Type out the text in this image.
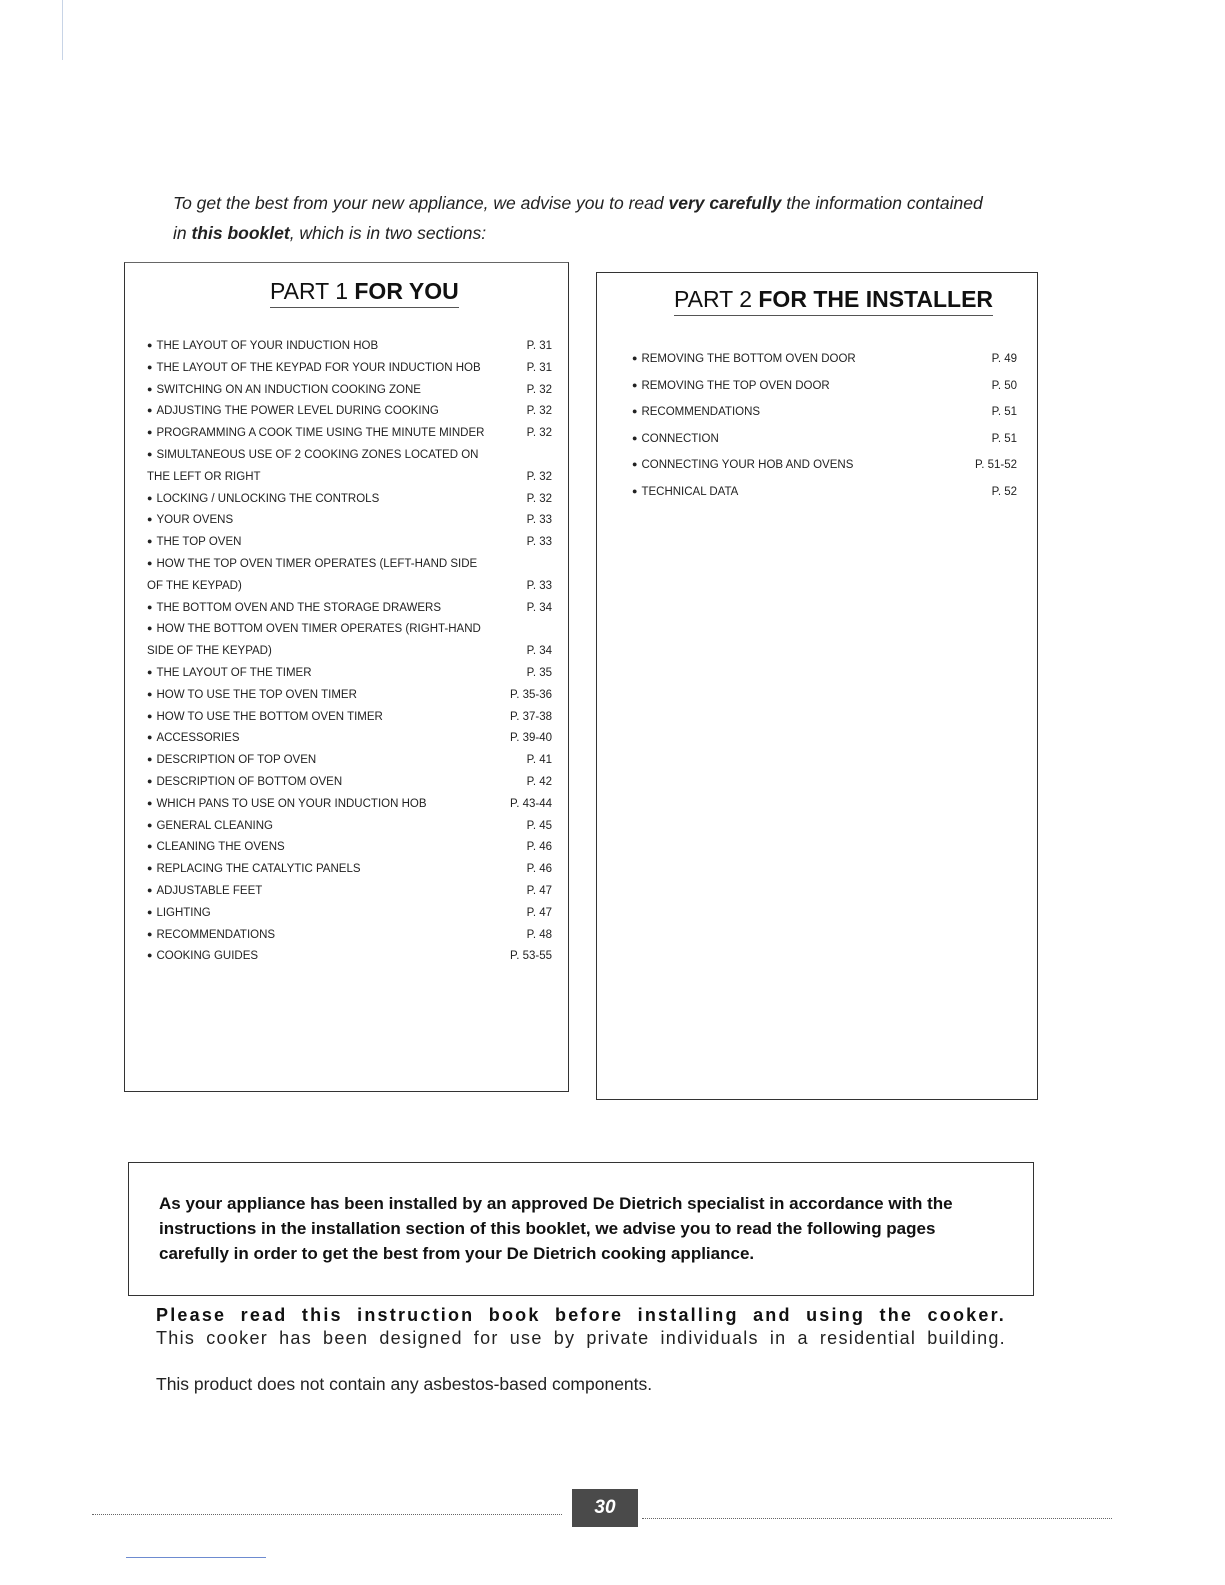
To get the best from your new appliance, we advise you to read very carefully the information contained in this booklet, which is in two sections:

PART 1 FOR YOU
● THE LAYOUT OF YOUR INDUCTION HOB	P. 31
● THE LAYOUT OF THE KEYPAD FOR YOUR INDUCTION HOB	P. 31
● SWITCHING ON AN INDUCTION COOKING ZONE	P. 32
● ADJUSTING THE POWER LEVEL DURING COOKING	P. 32
● PROGRAMMING A COOK TIME USING THE MINUTE MINDER	P. 32
● SIMULTANEOUS USE OF 2 COOKING ZONES LOCATED ON THE LEFT OR RIGHT	P. 32
● LOCKING / UNLOCKING THE CONTROLS	P. 32
● YOUR OVENS	P. 33
● THE TOP OVEN	P. 33
● HOW THE TOP OVEN TIMER OPERATES (LEFT-HAND SIDE OF THE KEYPAD)	P. 33
● THE BOTTOM OVEN AND THE STORAGE DRAWERS	P. 34
● HOW THE BOTTOM OVEN TIMER OPERATES (RIGHT-HAND SIDE OF THE KEYPAD)	P. 34
● THE LAYOUT OF THE TIMER	P. 35
● HOW TO USE THE TOP OVEN TIMER	P. 35-36
● HOW TO USE THE BOTTOM OVEN TIMER	P. 37-38
● ACCESSORIES	P. 39-40
● DESCRIPTION OF TOP OVEN	P. 41
● DESCRIPTION OF BOTTOM OVEN	P. 42
● WHICH PANS TO USE ON YOUR INDUCTION HOB	P. 43-44
● GENERAL CLEANING	P. 45
● CLEANING THE OVENS	P. 46
● REPLACING THE CATALYTIC PANELS	P. 46
● ADJUSTABLE FEET	P. 47
● LIGHTING	P. 47
● RECOMMENDATIONS	P. 48
● COOKING GUIDES	P. 53-55
PART 2 FOR THE INSTALLER
● REMOVING THE BOTTOM OVEN DOOR	P. 49
● REMOVING THE TOP OVEN DOOR	P. 50
● RECOMMENDATIONS	P. 51
● CONNECTION	P. 51
● CONNECTING YOUR HOB AND OVENS	P. 51-52
● TECHNICAL DATA	P. 52
As your appliance has been installed by an approved De Dietrich specialist in accordance with the instructions in the installation section of this booklet, we advise you to read the following pages carefully in order to get the best from your De Dietrich cooking appliance.
Please read this instruction book before installing and using the cooker.
This cooker has been designed for use by private individuals in a residential building.
This product does not contain any asbestos-based components.
30
